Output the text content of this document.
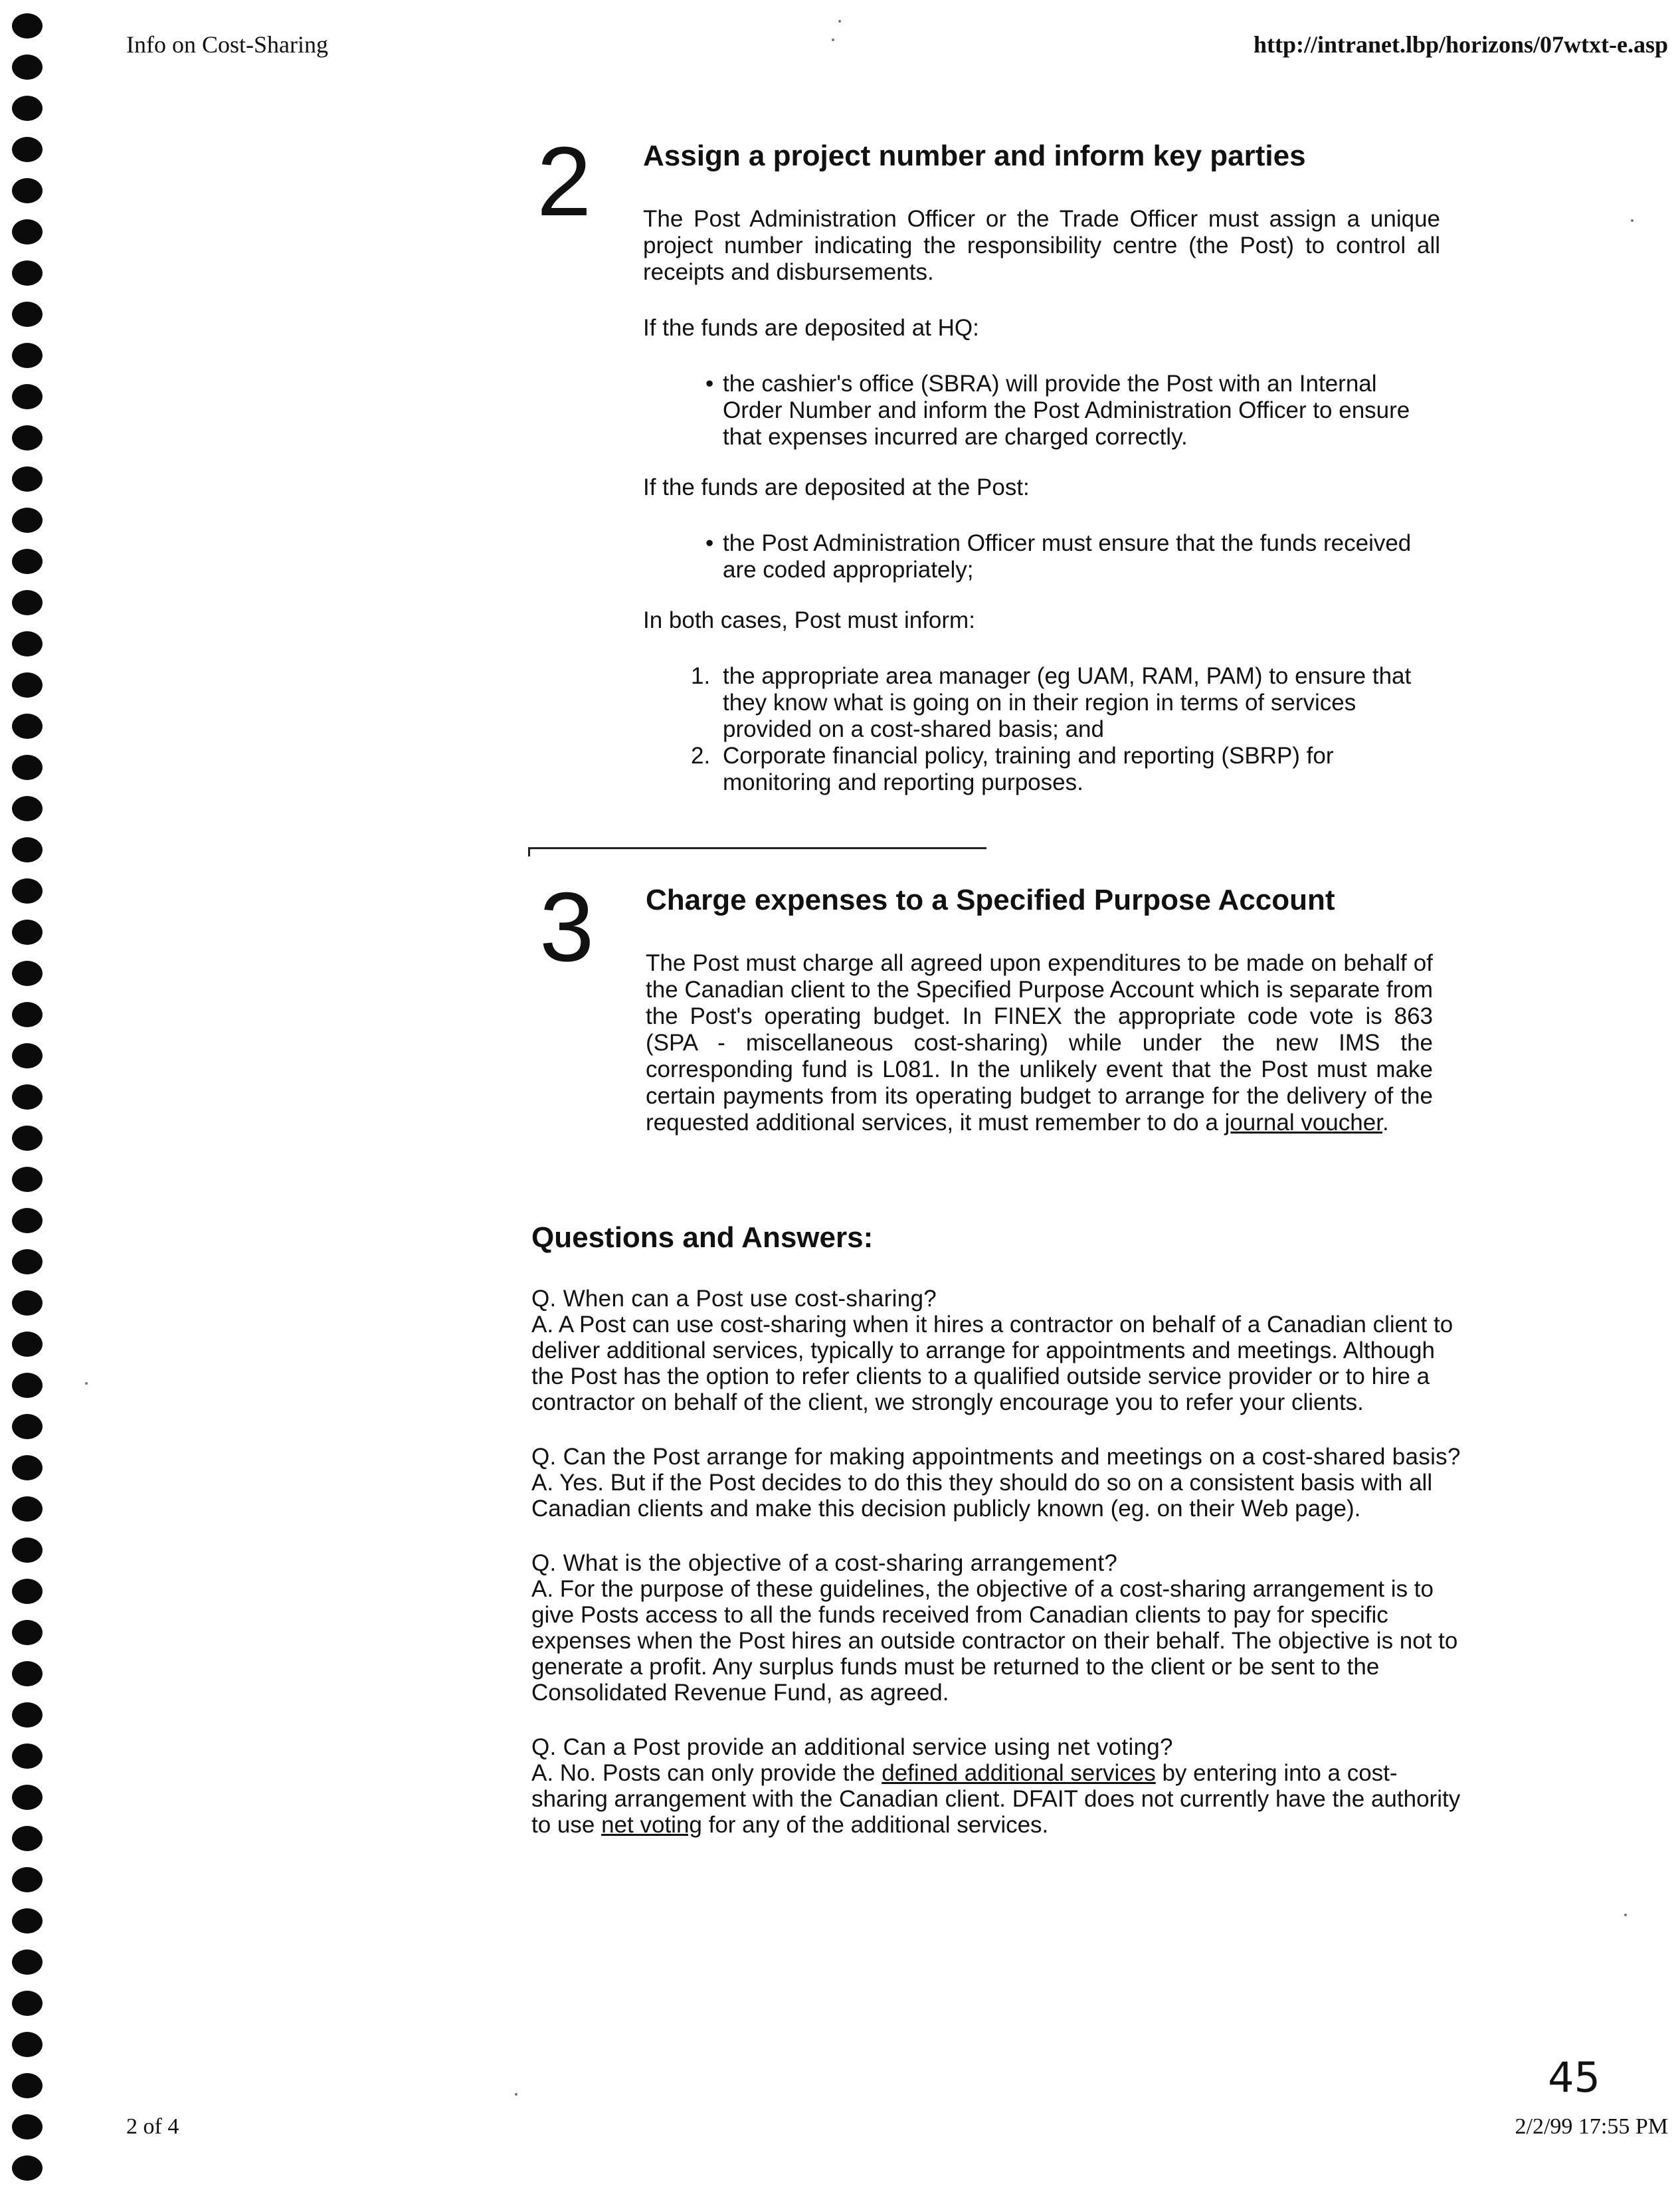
Info on Cost-Sharing	http://intranet.lbp/horizons/07wtxt-e.asp
2 Assign a project number and inform key parties

The Post Administration Officer or the Trade Officer must assign a unique project number indicating the responsibility centre (the Post) to control all receipts and disbursements.

If the funds are deposited at HQ:

• the cashier's office (SBRA) will provide the Post with an Internal Order Number and inform the Post Administration Officer to ensure that expenses incurred are charged correctly.

If the funds are deposited at the Post:

• the Post Administration Officer must ensure that the funds received are coded appropriately;

In both cases, Post must inform:

1. the appropriate area manager (eg UAM, RAM, PAM) to ensure that they know what is going on in their region in terms of services provided on a cost-shared basis; and
2. Corporate financial policy, training and reporting (SBRP) for monitoring and reporting purposes.
3 Charge expenses to a Specified Purpose Account
The Post must charge all agreed upon expenditures to be made on behalf of the Canadian client to the Specified Purpose Account which is separate from the Post's operating budget. In FINEX the appropriate code vote is 863 (SPA - miscellaneous cost-sharing) while under the new IMS the corresponding fund is L081. In the unlikely event that the Post must make certain payments from its operating budget to arrange for the delivery of the requested additional services, it must remember to do a journal voucher.
Questions and Answers:
Q. When can a Post use cost-sharing?
A. A Post can use cost-sharing when it hires a contractor on behalf of a Canadian client to deliver additional services, typically to arrange for appointments and meetings. Although the Post has the option to refer clients to a qualified outside service provider or to hire a contractor on behalf of the client, we strongly encourage you to refer your clients.
Q. Can the Post arrange for making appointments and meetings on a cost-shared basis?
A. Yes. But if the Post decides to do this they should do so on a consistent basis with all Canadian clients and make this decision publicly known (eg. on their Web page).
Q. What is the objective of a cost-sharing arrangement?
A. For the purpose of these guidelines, the objective of a cost-sharing arrangement is to give Posts access to all the funds received from Canadian clients to pay for specific expenses when the Post hires an outside contractor on their behalf. The objective is not to generate a profit. Any surplus funds must be returned to the client or be sent to the Consolidated Revenue Fund, as agreed.
Q. Can a Post provide an additional service using net voting?
A. No. Posts can only provide the defined additional services by entering into a cost-sharing arrangement with the Canadian client. DFAIT does not currently have the authority to use net voting for any of the additional services.
45
2 of 4	2/2/99 17:55 PM
